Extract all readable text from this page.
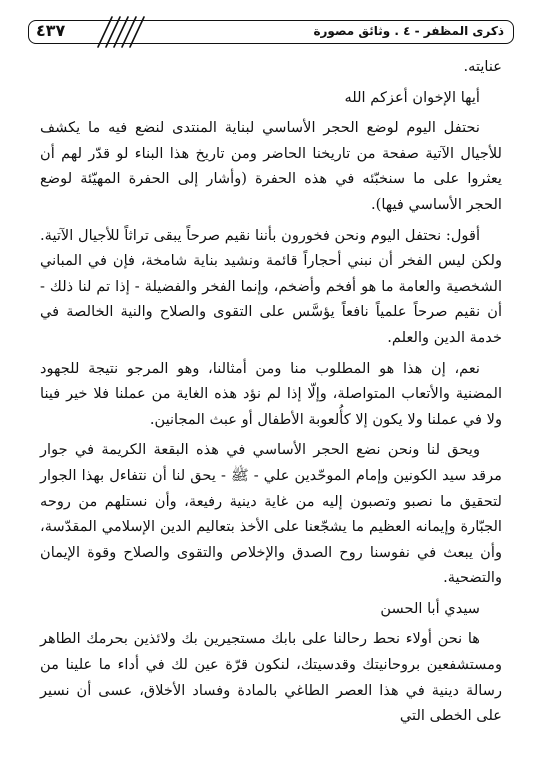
٤٣٧	ذكرى المظفر - ٤ . وثائق مصورة

عنايته.

أيها الإخوان أعزكم الله

نحتفل اليوم لوضع الحجر الأساسي لبناية المنتدى لنضع فيه ما يكشف للأجيال الآتية صفحة من تاريخنا الحاضر ومن تاريخ هذا البناء لو قدّر لهم أن يعثروا على ما سنخبّئه في هذه الحفرة (وأشار إلى الحفرة المهيّئة لوضع الحجر الأساسي فيها).

أقول: نحتفل اليوم ونحن فخورون بأننا نقيم صرحاً يبقى تراثاً للأجيال الآتية. ولكن ليس الفخر أن نبني أحجاراً قائمة ونشيد بناية شامخة، فإن في المباني الشخصية والعامة ما هو أفخم وأضخم، وإنما الفخر والفضيلة - إذا تم لنا ذلك - أن نقيم صرحاً علمياً نافعاً يؤسَّس على التقوى والصلاح والنية الخالصة في خدمة الدين والعلم.

نعم، إن هذا هو المطلوب منا ومن أمثالنا، وهو المرجو نتيجة للجهود المضنية والأتعاب المتواصلة، وإلّا إذا لم نؤد هذه الغاية من عملنا فلا خير فينا ولا في عملنا ولا يكون إلا كأُلعوبة الأطفال أو عبث المجانين.

ويحق لنا ونحن نضع الحجر الأساسي في هذه البقعة الكريمة في جوار مرقد سيد الكونين وإمام الموحّدين علي - ﷺ - يحق لنا أن نتفاءل بهذا الجوار لتحقيق ما نصبو وتصبون إليه من غاية دينية رفيعة، وأن نستلهم من روحه الجبّارة وإيمانه العظيم ما يشجّعنا على الأخذ بتعاليم الدين الإسلامي المقدّسة، وأن يبعث في نفوسنا روح الصدق والإخلاص والتقوى والصلاح وقوة الإيمان والتضحية.

سيدي أبا الحسن

ها نحن أولاء نحط رحالنا على بابك مستجيرين بك ولائذين بحرمك الطاهر ومستشفعين بروحانيتك وقدسيتك، لنكون قرّة عين لك في أداء ما علينا من رسالة دينية في هذا العصر الطاغي بالمادة وفساد الأخلاق، عسى أن نسير على الخطى التي
